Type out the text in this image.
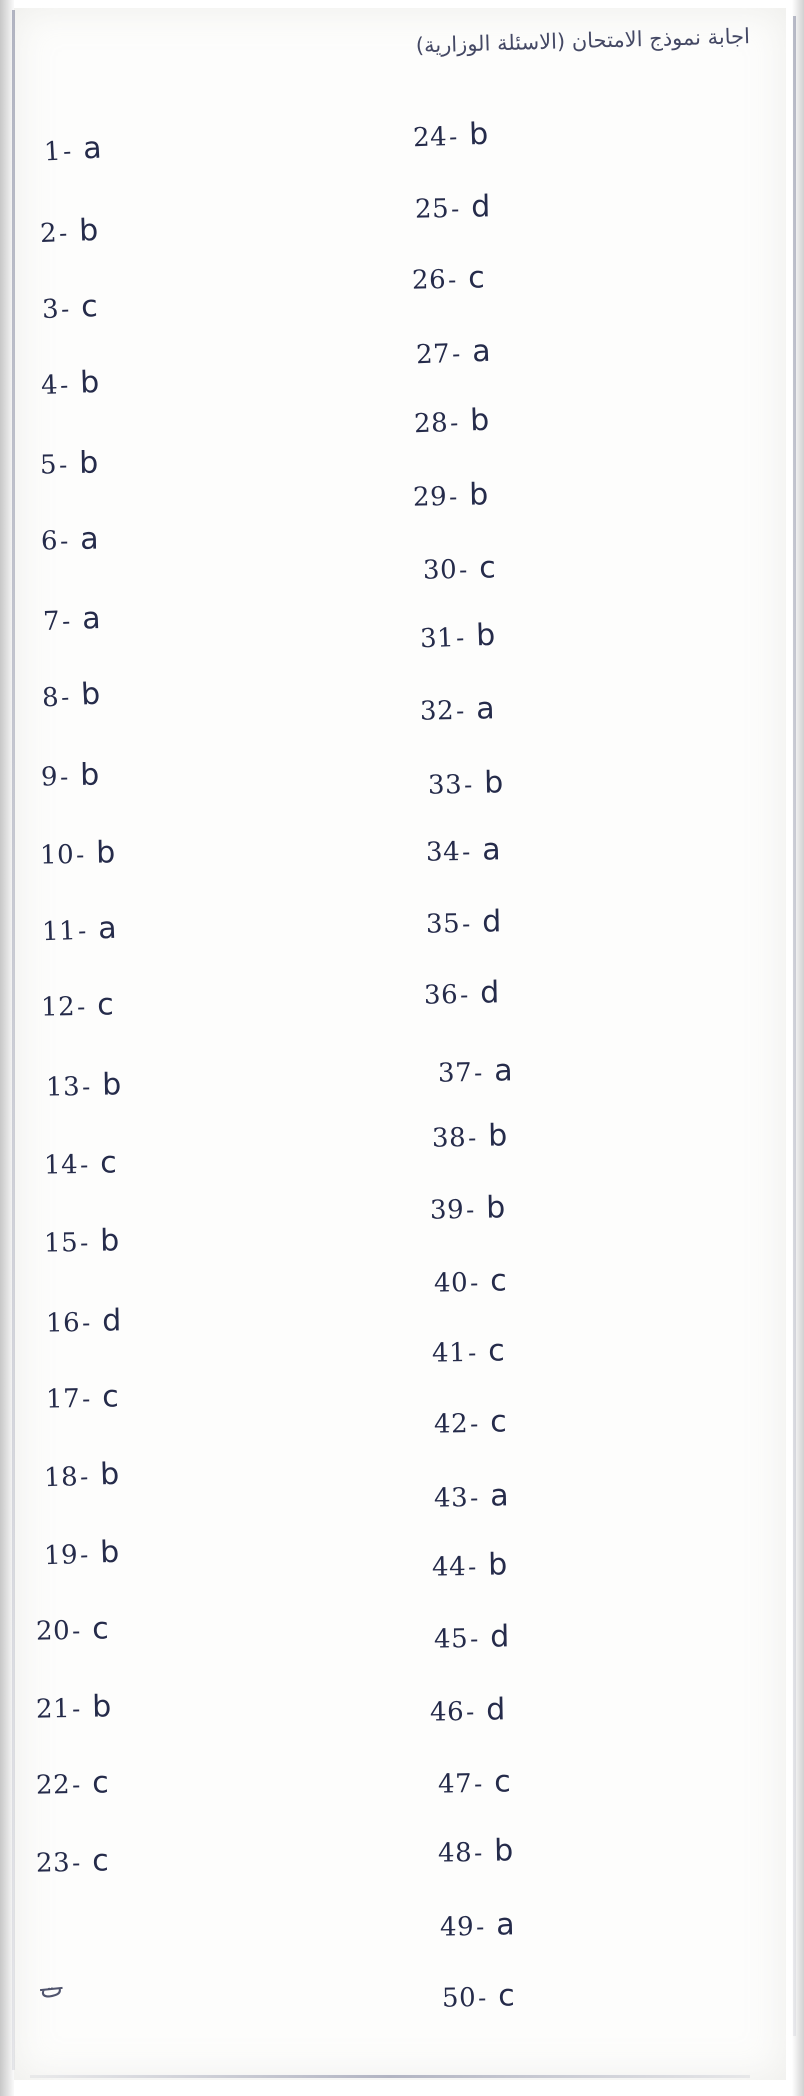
اجابة نموذج الامتحان (الاسئلة الوزارية)
1- a
2- b
3- c
4- b
5- b
6- a
7- a
8- b
9- b
10- b
11- a
12- c
13- b
14- c
15- b
16- d
17- c
18- b
19- b
20- c
21- b
22- c
23- c
24- b
25- d
26- c
27- a
28- b
29- b
30- c
31- b
32- a
33- b
34- a
35- d
36- d
37- a
38- b
39- b
40- c
41- c
42- c
43- a
44- b
45- d
46- d
47- c
48- b
49- a
50- c
ت
